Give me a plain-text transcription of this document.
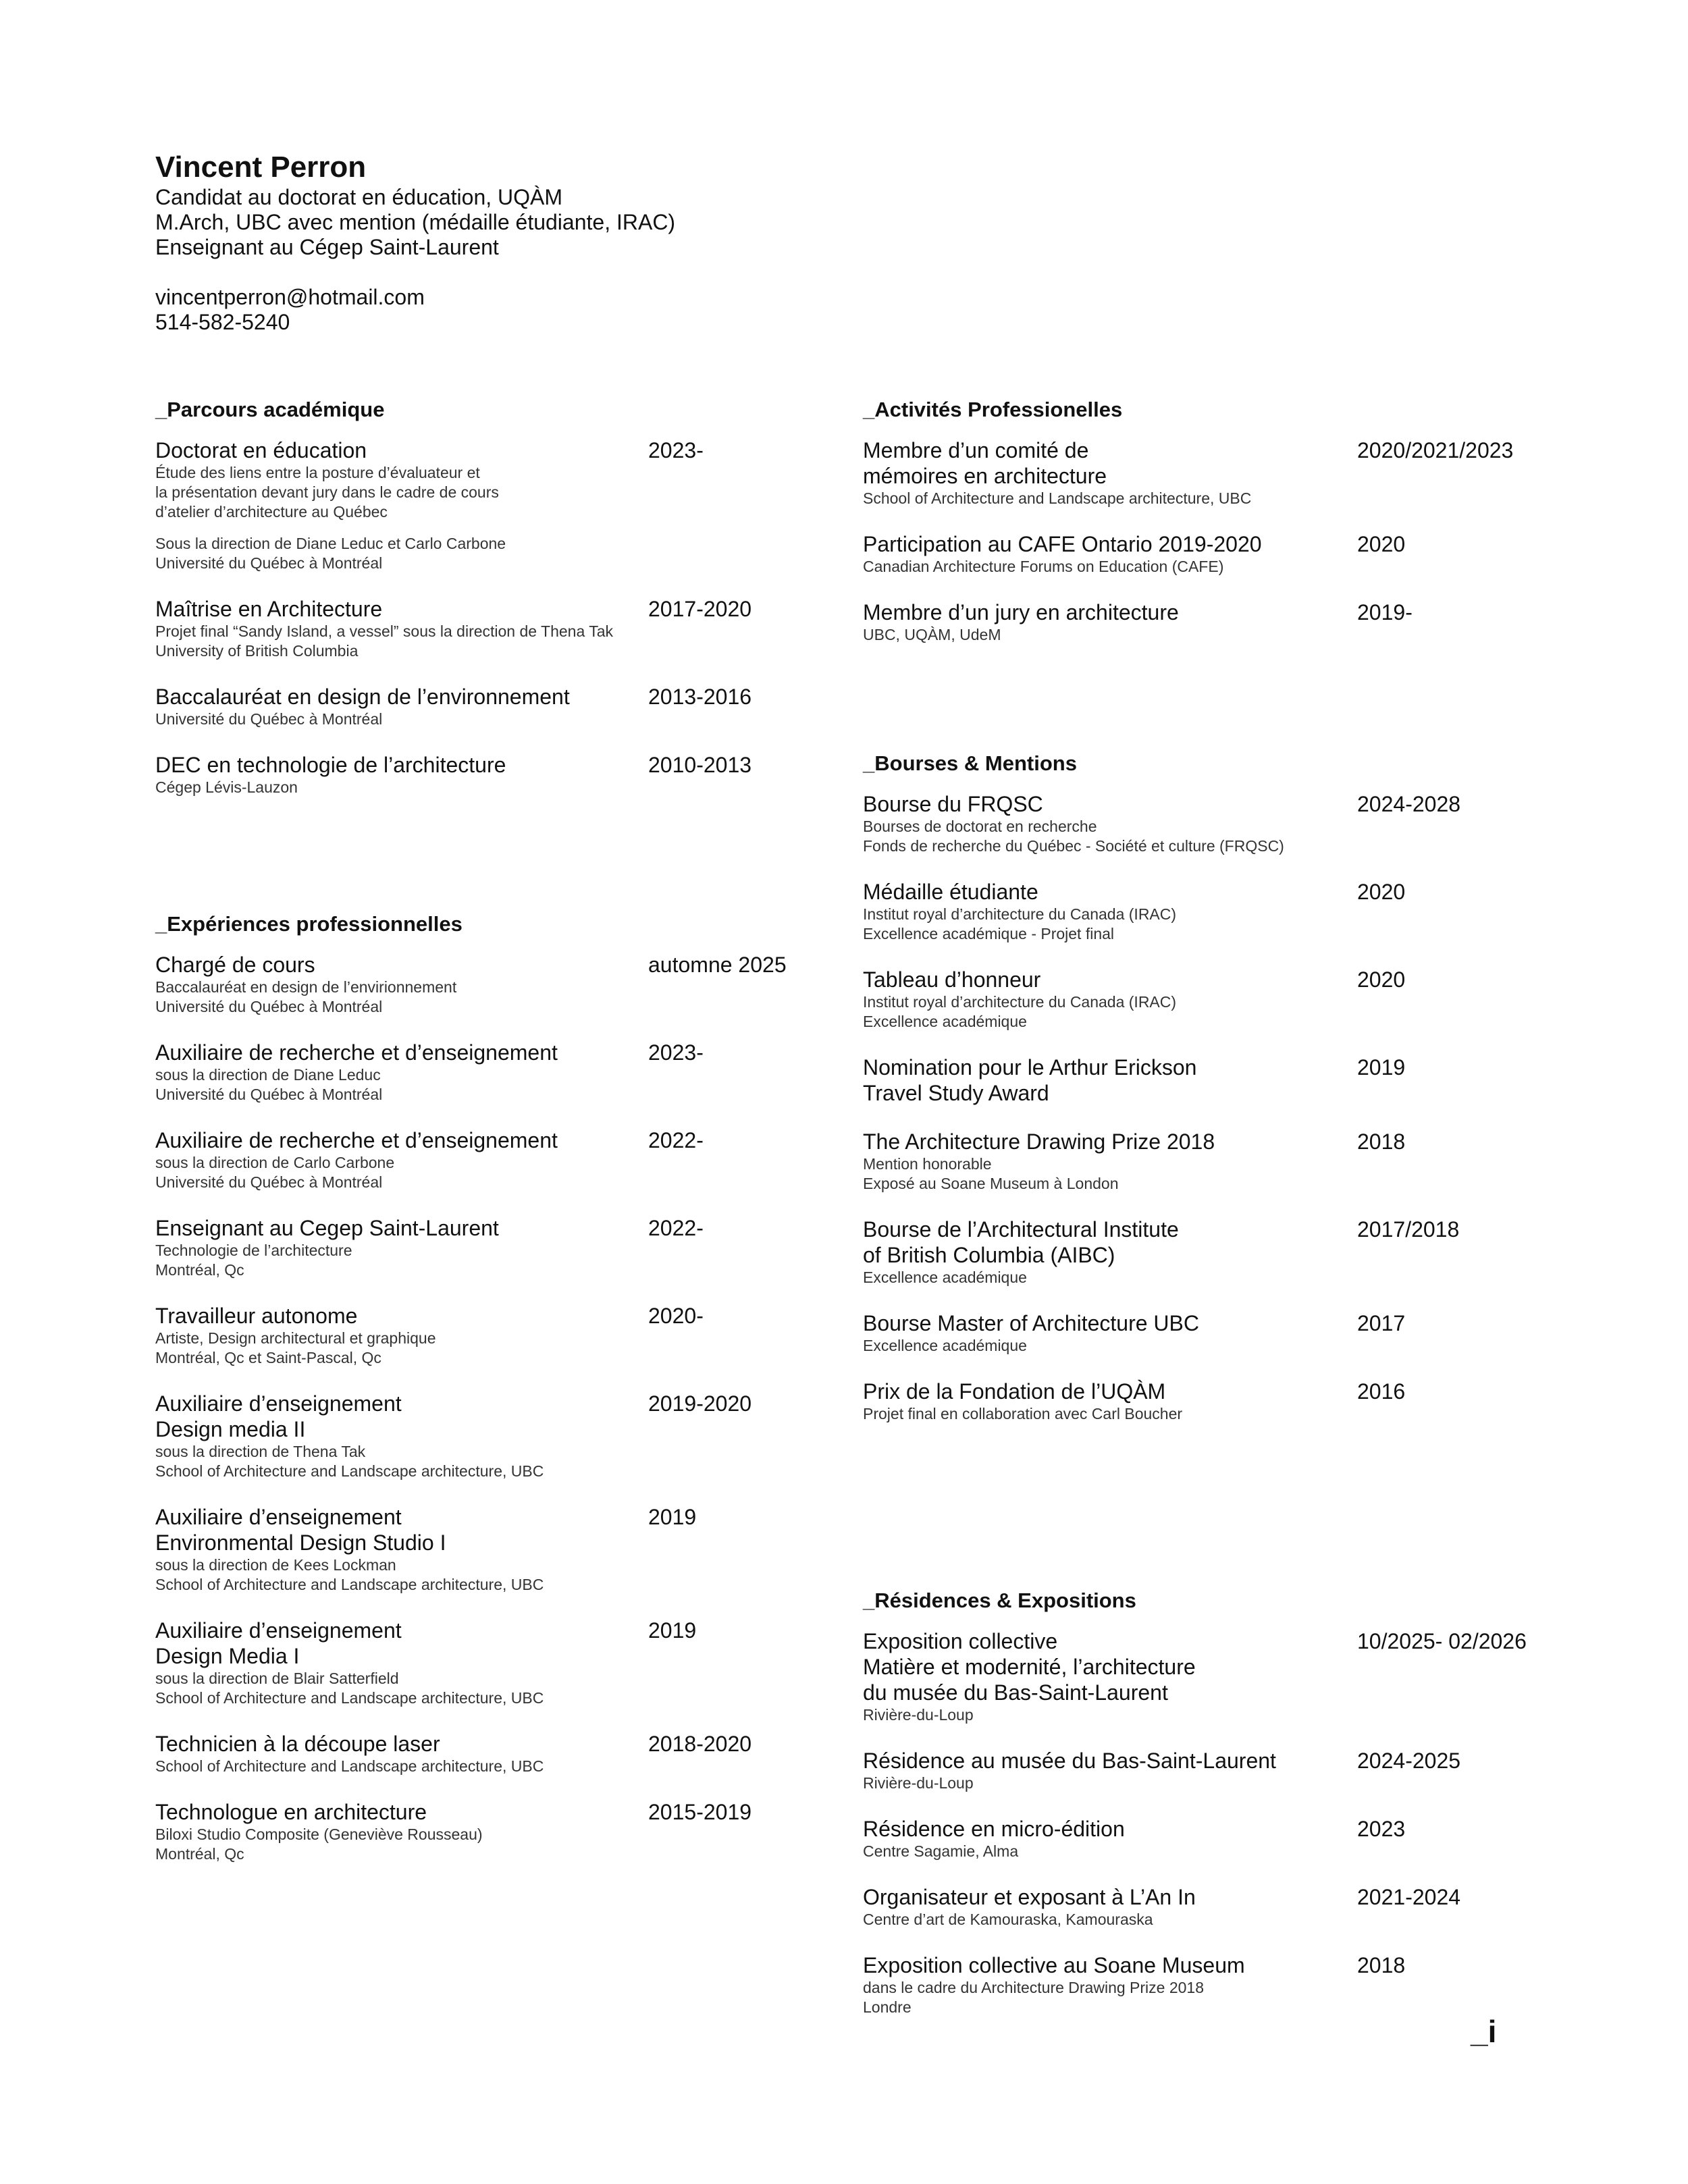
Vincent Perron
Candidat au doctorat en éducation, UQÀM
M.Arch, UBC avec mention (médaille étudiante, IRAC)
Enseignant au Cégep Saint-Laurent
vincentperron@hotmail.com
514-582-5240
_Parcours académique
Doctorat en éducation	2023-
Étude des liens entre la posture d’évaluateur et
la présentation devant jury dans le cadre de cours
d’atelier d’architecture au Québec
Sous la direction de Diane Leduc et Carlo Carbone
Université du Québec à Montréal
Maîtrise en Architecture	2017-2020
Projet final “Sandy Island, a vessel” sous la direction de Thena Tak
University of British Columbia
Baccalauréat en design de l’environnement	2013-2016
Université du Québec à Montréal
DEC en technologie de l’architecture	2010-2013
Cégep Lévis-Lauzon
_Expériences professionnelles
Chargé de cours	automne 2025
Baccalauréat en design de l’envirionnement
Université du Québec à Montréal
Auxiliaire de recherche et d’enseignement	2023-
sous la direction de Diane Leduc
Université du Québec à Montréal
Auxiliaire de recherche et d’enseignement	2022-
sous la direction de Carlo Carbone
Université du Québec à Montréal
Enseignant au Cegep Saint-Laurent	2022-
Technologie de l’architecture
Montréal, Qc
Travailleur autonome	2020-
Artiste, Design architectural et graphique
Montréal, Qc et Saint-Pascal, Qc
Auxiliaire d’enseignement
Design media II
2019-2020
sous la direction de Thena Tak
School of Architecture and Landscape architecture, UBC
Auxiliaire d’enseignement
Environmental Design Studio I
2019
sous la direction de Kees Lockman
School of Architecture and Landscape architecture, UBC
Auxiliaire d’enseignement
Design Media I
2019
sous la direction de Blair Satterfield
School of Architecture and Landscape architecture, UBC
Technicien à la découpe laser	2018-2020
School of Architecture and Landscape architecture, UBC
Technologue en architecture	2015-2019
Biloxi Studio Composite (Geneviève Rousseau)
Montréal, Qc
_Activités Professionelles
Membre d’un comité de
mémoires en architecture
2020/2021/2023
School of Architecture and Landscape architecture, UBC
Participation au CAFE Ontario 2019-2020	2020
Canadian Architecture Forums on Education (CAFE)
Membre d’un jury en architecture	2019-
UBC, UQÀM, UdeM
_Bourses & Mentions
Bourse du FRQSC	2024-2028
Bourses de doctorat en recherche
Fonds de recherche du Québec - Société et culture (FRQSC)
Médaille étudiante	2020
Institut royal d’architecture du Canada (IRAC)
Excellence académique - Projet final
Tableau d’honneur	2020
Institut royal d’architecture du Canada (IRAC)
Excellence académique
Nomination pour le Arthur Erickson
Travel Study Award
2019
The Architecture Drawing Prize 2018	2018
Mention honorable
Exposé au Soane Museum à London
Bourse de l’Architectural Institute
of British Columbia (AIBC)
2017/2018
Excellence académique
Bourse Master of Architecture UBC	2017
Excellence académique
Prix de la Fondation de l’UQÀM	2016
Projet final en collaboration avec Carl Boucher
_Résidences & Expositions
Exposition collective
Matière et modernité, l’architecture
du musée du Bas-Saint-Laurent
10/2025- 02/2026
Rivière-du-Loup
Résidence au musée du Bas-Saint-Laurent	2024-2025
Rivière-du-Loup
Résidence en micro-édition	2023
Centre Sagamie, Alma
Organisateur et exposant à L’An In	2021-2024
Centre d’art de Kamouraska, Kamouraska
Exposition collective au Soane Museum	2018
dans le cadre du Architecture Drawing Prize 2018
Londre
_i
